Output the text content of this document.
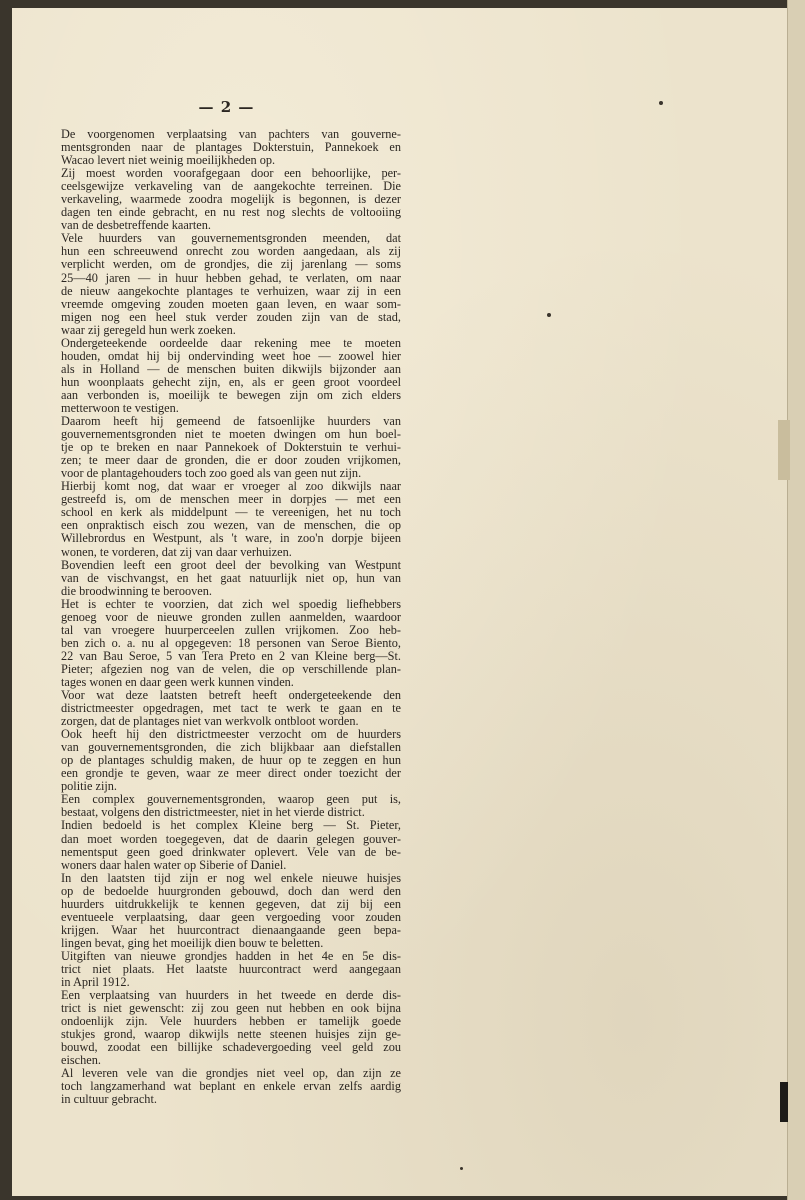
— 2 —
De voorgenomen verplaatsing van pachters van gouverne-
mentsgronden naar de plantages Dokterstuin, Pannekoek en
Wacao levert niet weinig moeilijkheden op.
Zij moest worden voorafgegaan door een behoorlijke, per-
ceelsgewijze verkaveling van de aangekochte terreinen. Die
verkaveling, waarmede zoodra mogelijk is begonnen, is dezer
dagen ten einde gebracht, en nu rest nog slechts de voltooiing
van de desbetreffende kaarten.
Vele huurders van gouvernementsgronden meenden, dat
hun een schreeuwend onrecht zou worden aangedaan, als zij
verplicht werden, om de grondjes, die zij jarenlang — soms
25—40 jaren — in huur hebben gehad, te verlaten, om naar
de nieuw aangekochte plantages te verhuizen, waar zij in een
vreemde omgeving zouden moeten gaan leven, en waar som-
migen nog een heel stuk verder zouden zijn van de stad,
waar zij geregeld hun werk zoeken.
Ondergeteekende oordeelde daar rekening mee te moeten
houden, omdat hij bij ondervinding weet hoe — zoowel hier
als in Holland — de menschen buiten dikwijls bijzonder aan
hun woonplaats gehecht zijn, en, als er geen groot voordeel
aan verbonden is, moeilijk te bewegen zijn om zich elders
metterwoon te vestigen.
Daarom heeft hij gemeend de fatsoenlijke huurders van
gouvernementsgronden niet te moeten dwingen om hun boel-
tje op te breken en naar Pannekoek of Dokterstuin te verhui-
zen; te meer daar de gronden, die er door zouden vrijkomen,
voor de plantagehouders toch zoo goed als van geen nut zijn.
Hierbij komt nog, dat waar er vroeger al zoo dikwijls naar
gestreefd is, om de menschen meer in dorpjes — met een
school en kerk als middelpunt — te vereenigen, het nu toch
een onpraktisch eisch zou wezen, van de menschen, die op
Willebrordus en Westpunt, als 't ware, in zoo'n dorpje bijeen
wonen, te vorderen, dat zij van daar verhuizen.
Bovendien leeft een groot deel der bevolking van Westpunt
van de vischvangst, en het gaat natuurlijk niet op, hun van
die broodwinning te berooven.
Het is echter te voorzien, dat zich wel spoedig liefhebbers
genoeg voor de nieuwe gronden zullen aanmelden, waardoor
tal van vroegere huurperceelen zullen vrijkomen. Zoo heb-
ben zich o. a. nu al opgegeven: 18 personen van Seroe Biento,
22 van Bau Seroe, 5 van Tera Preto en 2 van Kleine berg—St.
Pieter; afgezien nog van de velen, die op verschillende plan-
tages wonen en daar geen werk kunnen vinden.
Voor wat deze laatsten betreft heeft ondergeteekende den
districtmeester opgedragen, met tact te werk te gaan en te
zorgen, dat de plantages niet van werkvolk ontbloot worden.
Ook heeft hij den districtmeester verzocht om de huurders
van gouvernementsgronden, die zich blijkbaar aan diefstallen
op de plantages schuldig maken, de huur op te zeggen en hun
een grondje te geven, waar ze meer direct onder toezicht der
politie zijn.
Een complex gouvernementsgronden, waarop geen put is,
bestaat, volgens den districtmeester, niet in het vierde district.
Indien bedoeld is het complex Kleine berg — St. Pieter,
dan moet worden toegegeven, dat de daarin gelegen gouver-
nementsput geen goed drinkwater oplevert. Vele van de be-
woners daar halen water op Siberie of Daniel.
In den laatsten tijd zijn er nog wel enkele nieuwe huisjes
op de bedoelde huurgronden gebouwd, doch dan werd den
huurders uitdrukkelijk te kennen gegeven, dat zij bij een
eventueele verplaatsing, daar geen vergoeding voor zouden
krijgen. Waar het huurcontract dienaangaande geen bepa-
lingen bevat, ging het moeilijk dien bouw te beletten.
Uitgiften van nieuwe grondjes hadden in het 4e en 5e dis-
trict niet plaats. Het laatste huurcontract werd aangegaan
in April 1912.
Een verplaatsing van huurders in het tweede en derde dis-
trict is niet gewenscht: zij zou geen nut hebben en ook bijna
ondoenlijk zijn. Vele huurders hebben er tamelijk goede
stukjes grond, waarop dikwijls nette steenen huisjes zijn ge-
bouwd, zoodat een billijke schadevergoeding veel geld zou
eischen.
Al leveren vele van die grondjes niet veel op, dan zijn ze
toch langzamerhand wat beplant en enkele ervan zelfs aardig
in cultuur gebracht.
